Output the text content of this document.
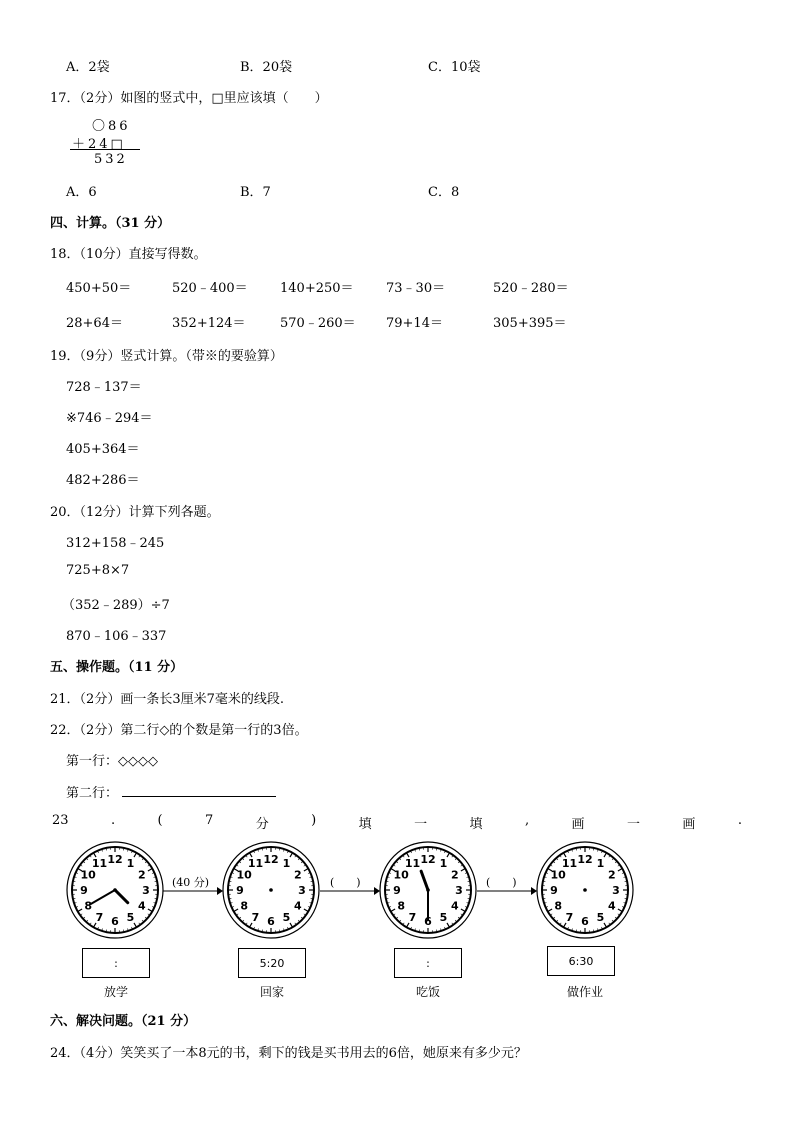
A．2袋	B．20袋	C．10袋
17．（2分）如图的竖式中，□里应该填（　　）
〇86
＋24□
532
A．6	B．7	C．8
四、计算。（31 分）
18．（10分）直接写得数。
450+50＝	520﹣400＝ 140+250＝ 73﹣30＝	520﹣280＝
28+64＝	352+124＝	570﹣260＝ 79+14＝	305+395＝
19．（9分）竖式计算。（带※的要验算）
728﹣137＝
※746﹣294＝
405+364＝
482+286＝
20．（12分）计算下列各题。
312+158﹣245
725+8×7
（352﹣289）÷7
870﹣106﹣337
五、操作题。（11 分）
21．（2分）画一条长3厘米7毫米的线段.
22．（2分）第二行◇的个数是第一行的3倍。
第一行：◇◇◇◇
第二行：
23	.	(	7	分	)	填	一	填	,	画	一	画	.
12 1
2
3
4
5
6
7
8
9
10
11	12 1
2
3
4
5
6
7
8
9
10
11	12 1
2
3
4
5
6
7
8
9
10
11	12 1
2
3
4
5
6
7
8
9
10
11
(40 分)	(　　)	(　　)
:	5:20	:	6:30
放学	回家	吃饭	做作业
六、解决问题。（21 分）
24．（4分）笑笑买了一本8元的书，剩下的钱是买书用去的6倍，她原来有多少元？
